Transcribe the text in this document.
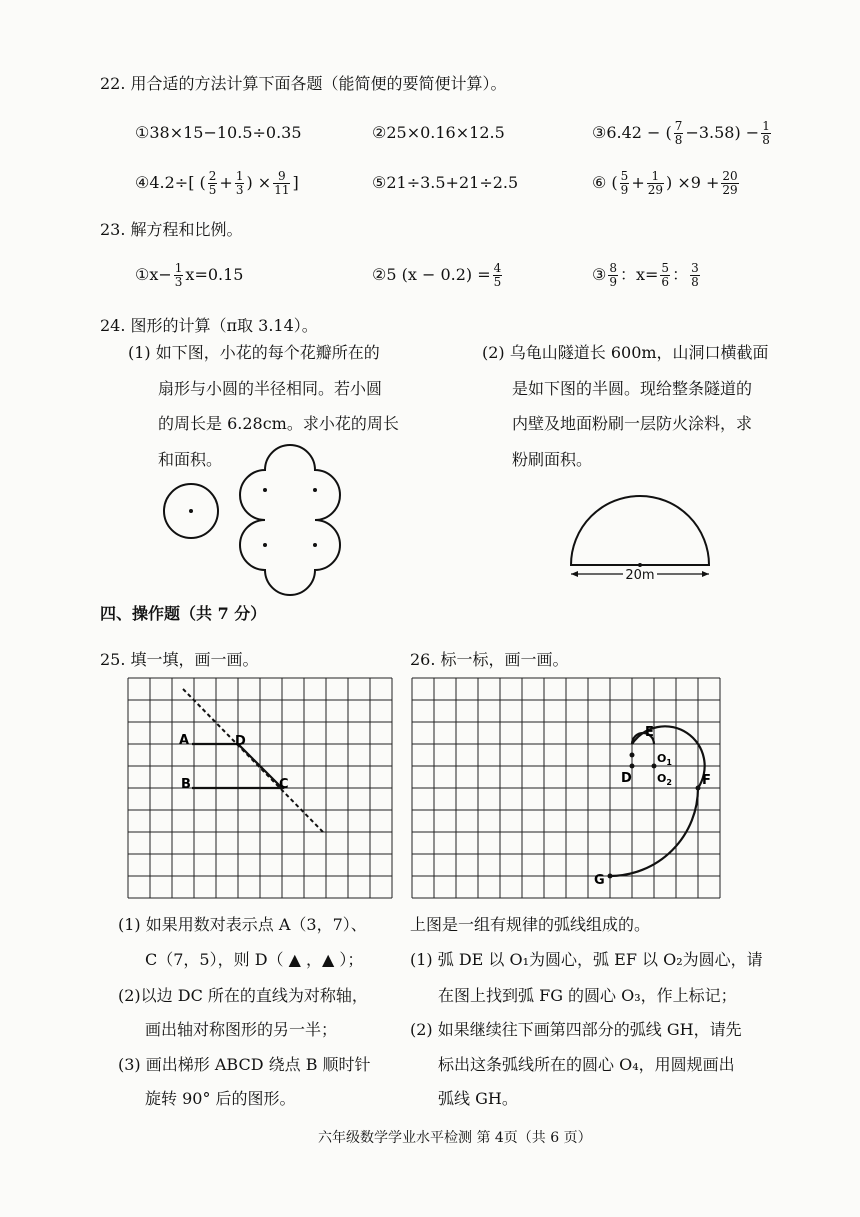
22. 用合适的方法计算下面各题（能简便的要简便计算）。
①38×15−10.5÷0.35	②25×0.16×12.5	③6.42 − ( $\frac{7}{8} -3.58) - \frac{1}{8}$
④4.2÷[ ( $\frac{2}{5} + \frac{1}{3}$ ) × $\frac{9}{11}$ ]	⑤21÷3.5+21÷2.5	⑥ ( $\frac{5}{9} + \frac{1}{29}$ ) $\times 9 + \frac{20}{29}$
23. 解方程和比例。
①x− $\frac{1}{3} x=0.15$	②5 $(x - 0.2) = \frac{4}{5}$	③ $\frac{8}{9}$ ：$x= \frac{5}{6}$ ： $\frac{3}{8}$
24. 图形的计算（π取 3.14）。
(1) 如下图，小花的每个花瓣所在的
扇形与小圆的半径相同。若小圆
的周长是 6.28cm。求小花的周长
和面积。
(2) 乌龟山隧道长 600m，山洞口横截面
是如下图的半圆。现给整条隧道的
内壁及地面粉刷一层防火涂料，求
粉刷面积。
20m
四、操作题（共 7 分）
25. 填一填，画一画。
A
B	C
D
26. 标一标，画一画。
E
D	F
G
$O_1$
$O_2$
(1) 如果用数对表示点 A（3，7）、
C（7，5），则 D（ ▲ ，▲ ）；
(2)以边 DC 所在的直线为对称轴，
画出轴对称图形的另一半；
(3) 画出梯形 ABCD 绕点 B 顺时针
旋转 90° 后的图形。
上图是一组有规律的弧线组成的。
(1) 弧 DE 以 O₁为圆心，弧 EF 以 O₂为圆心，请
在图上找到弧 FG 的圆心 O₃，作上标记；
(2) 如果继续往下画第四部分的弧线 GH，请先
标出这条弧线所在的圆心 O₄，用圆规画出
弧线 GH。
六年级数学学业水平检测 第 4页（共 6 页）
